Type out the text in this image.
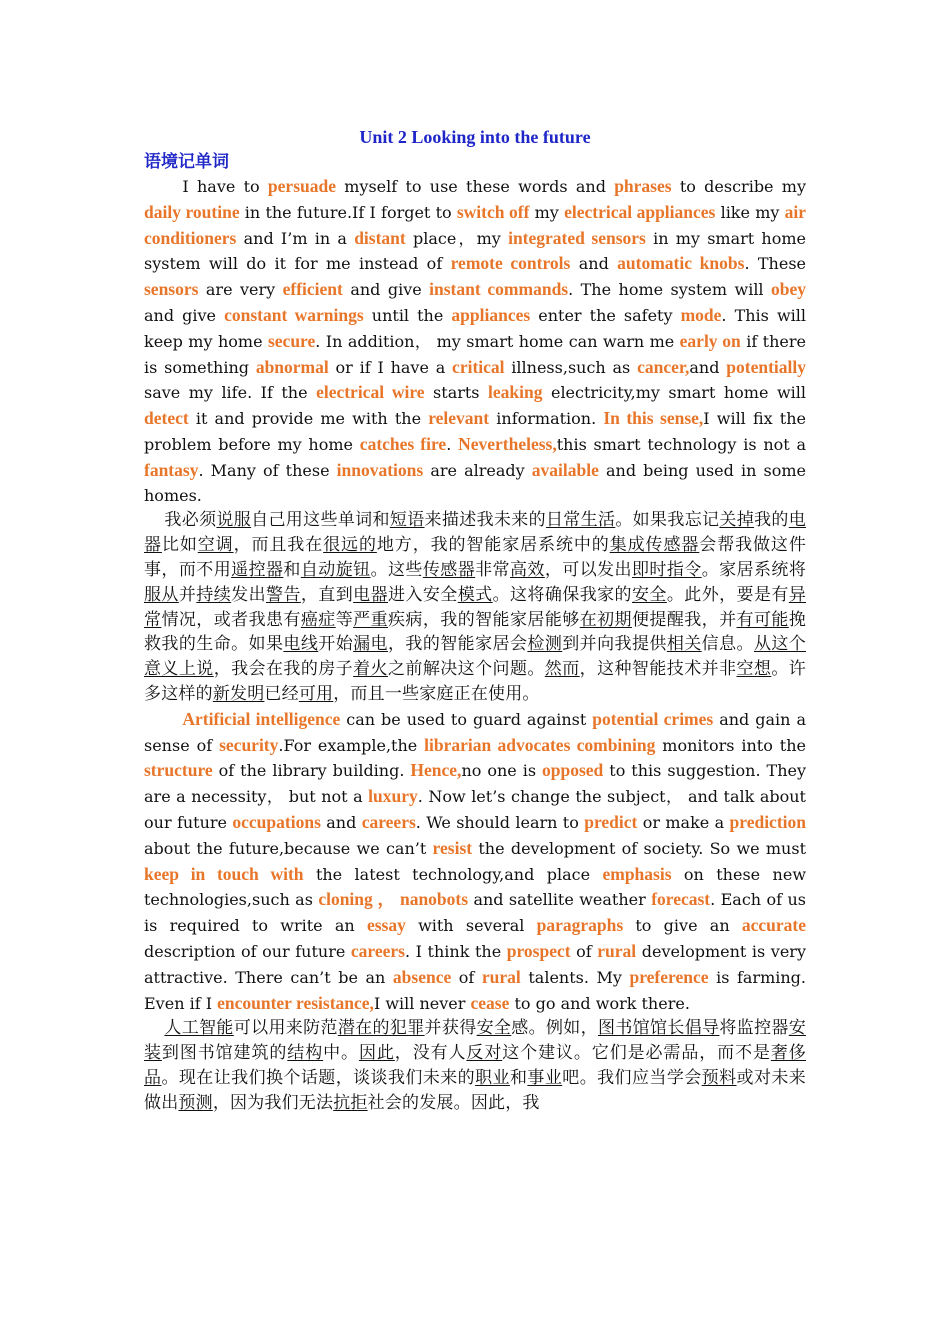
Unit 2 Looking into the future

语境记单词

I have to persuade myself to use these words and phrases to describe my daily routine in the future.If I forget to switch off my electrical appliances like my air conditioners and I’m in a distant place，my integrated sensors in my smart home system will do it for me instead of remote controls and automatic knobs. These sensors are very efficient and give instant commands. The home system will obey and give constant warnings until the appliances enter the safety mode. This will keep my home secure. In addition， my smart home can warn me early on if there is something abnormal or if I have a critical illness,such as cancer,and potentially save my life. If the electrical wire starts leaking electricity,my smart home will detect it and provide me with the relevant information. In this sense,I will fix the problem before my home catches fire. Nevertheless,this smart technology is not a fantasy. Many of these innovations are already available and being used in some homes.

我必须说服自己用这些单词和短语来描述我未来的日常生活。如果我忘记关掉我的电器比如空调，而且我在很远的地方，我的智能家居系统中的集成传感器会帮我做这件事，而不用遥控器和自动旋钮。这些传感器非常高效，可以发出即时指令。家居系统将服从并持续发出警告，直到电器进入安全模式。这将确保我家的安全。此外，要是有异常情况，或者我患有癌症等严重疾病，我的智能家居能够在初期便提醒我，并有可能挽救我的生命。如果电线开始漏电，我的智能家居会检测到并向我提供相关信息。从这个意义上说，我会在我的房子着火之前解决这个问题。然而，这种智能技术并非空想。许多这样的新发明已经可用，而且一些家庭正在使用。

Artificial intelligence can be used to guard against potential crimes and gain a sense of security.For example,the librarian advocates combining monitors into the structure of the library building. Hence,no one is opposed to this suggestion. They are a necessity， but not a luxury. Now let’s change the subject， and talk about our future occupations and careers. We should learn to predict or make a prediction about the future,because we can’t resist the development of society. So we must keep in touch with the latest technology,and place emphasis on these new technologies,such as cloning ， nanobots and satellite weather forecast. Each of us is required to write an essay with several paragraphs to give an accurate description of our future careers. I think the prospect of rural development is very attractive. There can’t be an absence of rural talents. My preference is farming. Even if I encounter resistance,I will never cease to go and work there.

人工智能可以用来防范潜在的犯罪并获得安全感。例如，图书馆馆长倡导将监控器安装到图书馆建筑的结构中。因此，没有人反对这个建议。它们是必需品，而不是奢侈品。现在让我们换个话题，谈谈我们未来的职业和事业吧。我们应当学会预料或对未来做出预测，因为我们无法抗拒社会的发展。因此，我
